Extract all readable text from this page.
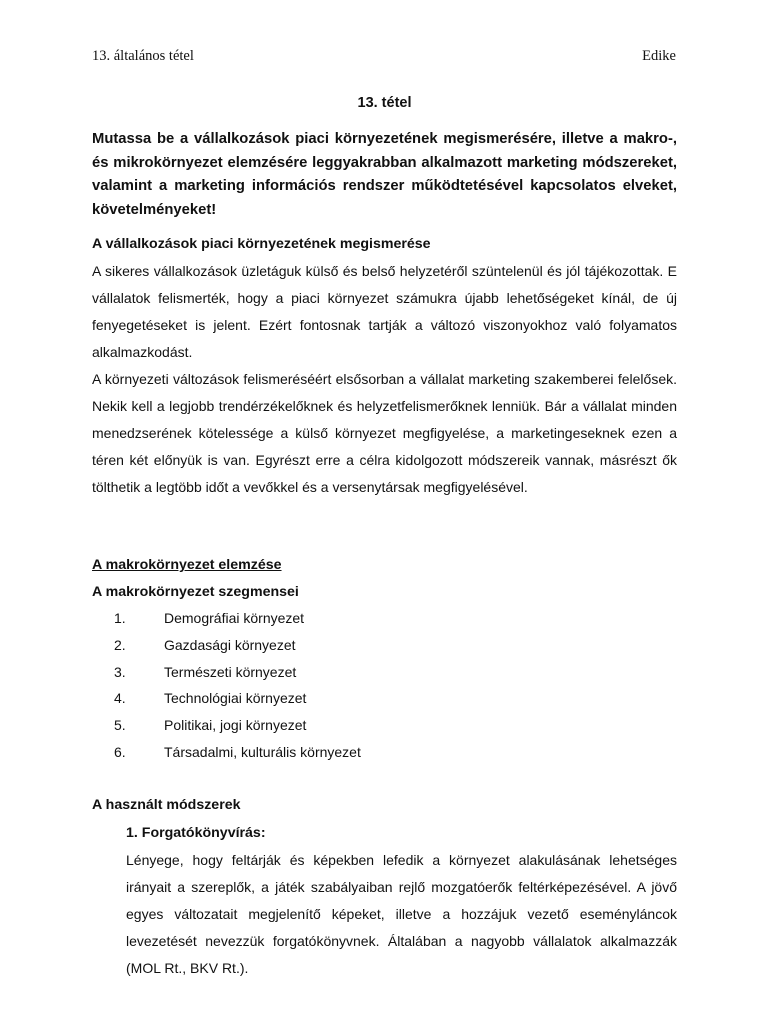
13. általános tétel	Edike
13. tétel

Mutassa be a vállalkozások piaci környezetének megismerésére, illetve a makro-, és mikrokörnyezet elemzésére leggyakrabban alkalmazott marketing módszereket, valamint a marketing információs rendszer működtetésével kapcsolatos elveket, követelményeket!

A vállalkozások piaci környezetének megismerése

A sikeres vállalkozások üzletáguk külső és belső helyzetéről szüntelenül és jól tájékozottak. E vállalatok felismerték, hogy a piaci környezet számukra újabb lehetőségeket kínál, de új fenyegetéseket is jelent. Ezért fontosnak tartják a változó viszonyokhoz való folyamatos alkalmazkodást.

A környezeti változások felismeréséért elsősorban a vállalat marketing szakemberei felelősek. Nekik kell a legjobb trendérzékelőknek és helyzetfelismerőknek lenniük. Bár a vállalat minden menedzserének kötelessége a külső környezet megfigyelése, a marketingeseknek ezen a téren két előnyük is van. Egyrészt erre a célra kidolgozott módszereik vannak, másrészt ők tölthetik a legtöbb időt a vevőkkel és a versenytársak megfigyelésével.

A makrokörnyezet elemzése
A makrokörnyezet szegmensei
1.	Demográfiai környezet
2.	Gazdasági környezet
3.	Természeti környezet
4.	Technológiai környezet
5.	Politikai, jogi környezet
6.	Társadalmi, kulturális környezet
A használt módszerek
1. Forgatókönyvírás:

Lényege, hogy feltárják és képekben lefedik a környezet alakulásának lehetséges irányait a szereplők, a játék szabályaiban rejlő mozgatóerők feltérképezésével. A jövő egyes változatait megjelenítő képeket, illetve a hozzájuk vezető eseményláncok levezetését nevezzük forgatókönyvnek. Általában a nagyobb vállalatok alkalmazzák (MOL Rt., BKV Rt.).
